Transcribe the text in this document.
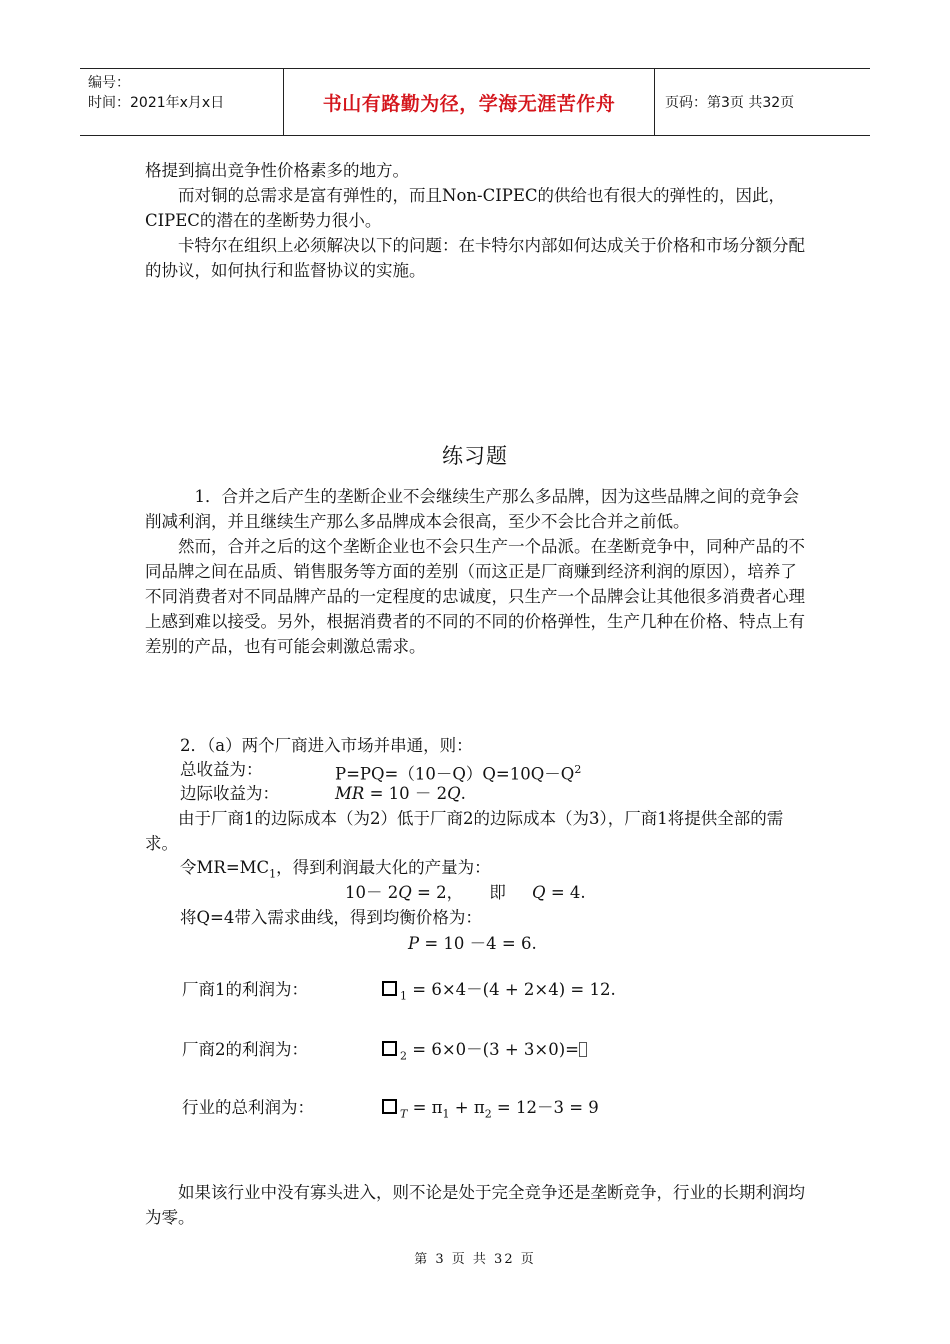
编号：
时间：2021年x月x日	书山有路勤为径，学海无涯苦作舟	页码：第3页 共32页

格提到搞出竞争性价格素多的地方。

而对铜的总需求是富有弹性的，而且Non-CIPEC的供给也有很大的弹性的，因此，CIPEC的潜在的垄断势力很小。

卡特尔在组织上必须解决以下的问题：在卡特尔内部如何达成关于价格和市场分额分配的协议，如何执行和监督协议的实施。

练习题

1．合并之后产生的垄断企业不会继续生产那么多品牌，因为这些品牌之间的竞争会削减利润，并且继续生产那么多品牌成本会很高，至少不会比合并之前低。

然而，合并之后的这个垄断企业也不会只生产一个品派。在垄断竞争中，同种产品的不同品牌之间在品质、销售服务等方面的差别（而这正是厂商赚到经济利润的原因），培养了不同消费者对不同品牌产品的一定程度的忠诚度，只生产一个品牌会让其他很多消费者心理上感到难以接受。另外，根据消费者的不同的不同的价格弹性，生产几种在价格、特点上有差别的产品，也有可能会刺激总需求。

2．（a）两个厂商进入市场并串通，则：
总收益为：	$P=PQ=(10-Q)Q=10Q-Q^2$
边际收益为：	MR = 10 － 2Q.

由于厂商1的边际成本（为2）低于厂商2的边际成本（为3），厂商1将提供全部的需求。

令$MR=MC_1$，得到利润最大化的产量为：
10－ 2Q = 2，     即     Q = 4.
将Q=4带入需求曲线，得到均衡价格为：
P = 10 －4 = 6.
厂商1的利润为：	$_1$ = 6×4－(4 + 2×4) = 12.
厂商2的利润为：	$_2$ = 6×0－(3 + 3×0)=
行业的总利润为：	$_T = \pi_1 + \pi_2 = 12-3 = 9$

如果该行业中没有寡头进入，则不论是处于完全竞争还是垄断竞争，行业的长期利润均为零。

第 3 页 共 32 页
